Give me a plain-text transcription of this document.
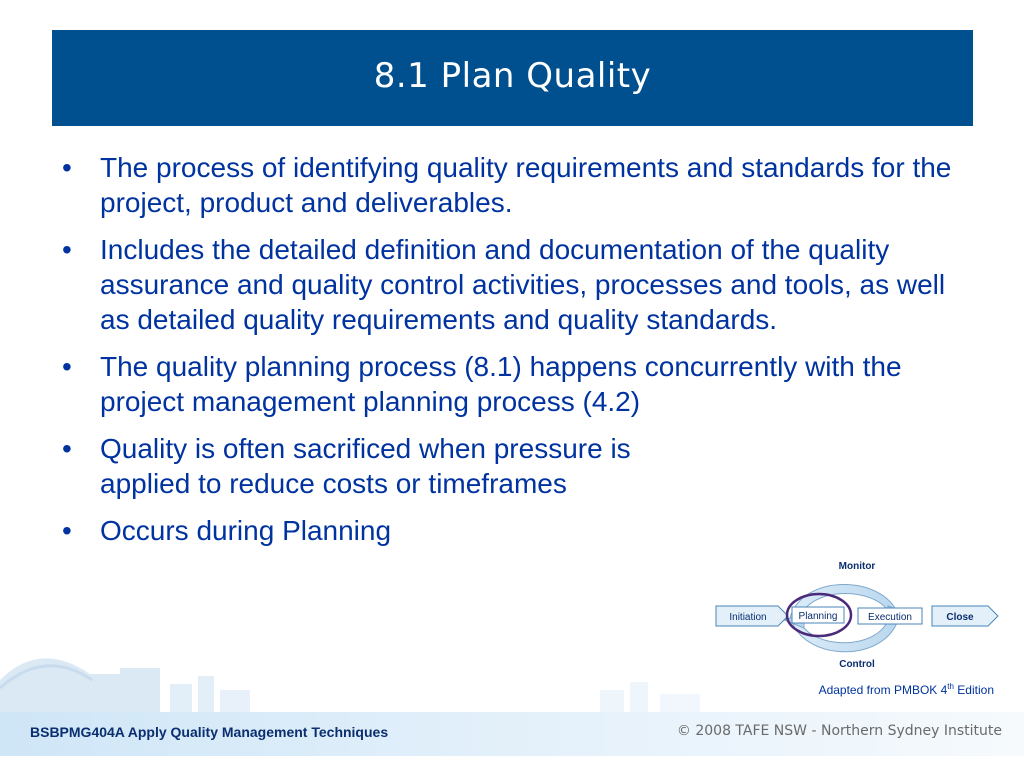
8.1 Plan Quality
• The process of identifying quality requirements and standards for the project, product and deliverables.
• Includes the detailed definition and documentation of the quality assurance and quality control activities, processes and tools, as well as detailed quality requirements and quality standards.
• The quality planning process (8.1) happens concurrently with the project management planning process (4.2)
• Quality is often sacrificed when pressure is applied to reduce costs or timeframes
• Occurs during Planning
BSBPMG404A Apply Quality Management Techniques	© 2008 TAFE NSW - Northern Sydney Institute
Monitor
Control
Initiation	Planning	Execution	Close
Adapted from PMBOK 4th Edition
